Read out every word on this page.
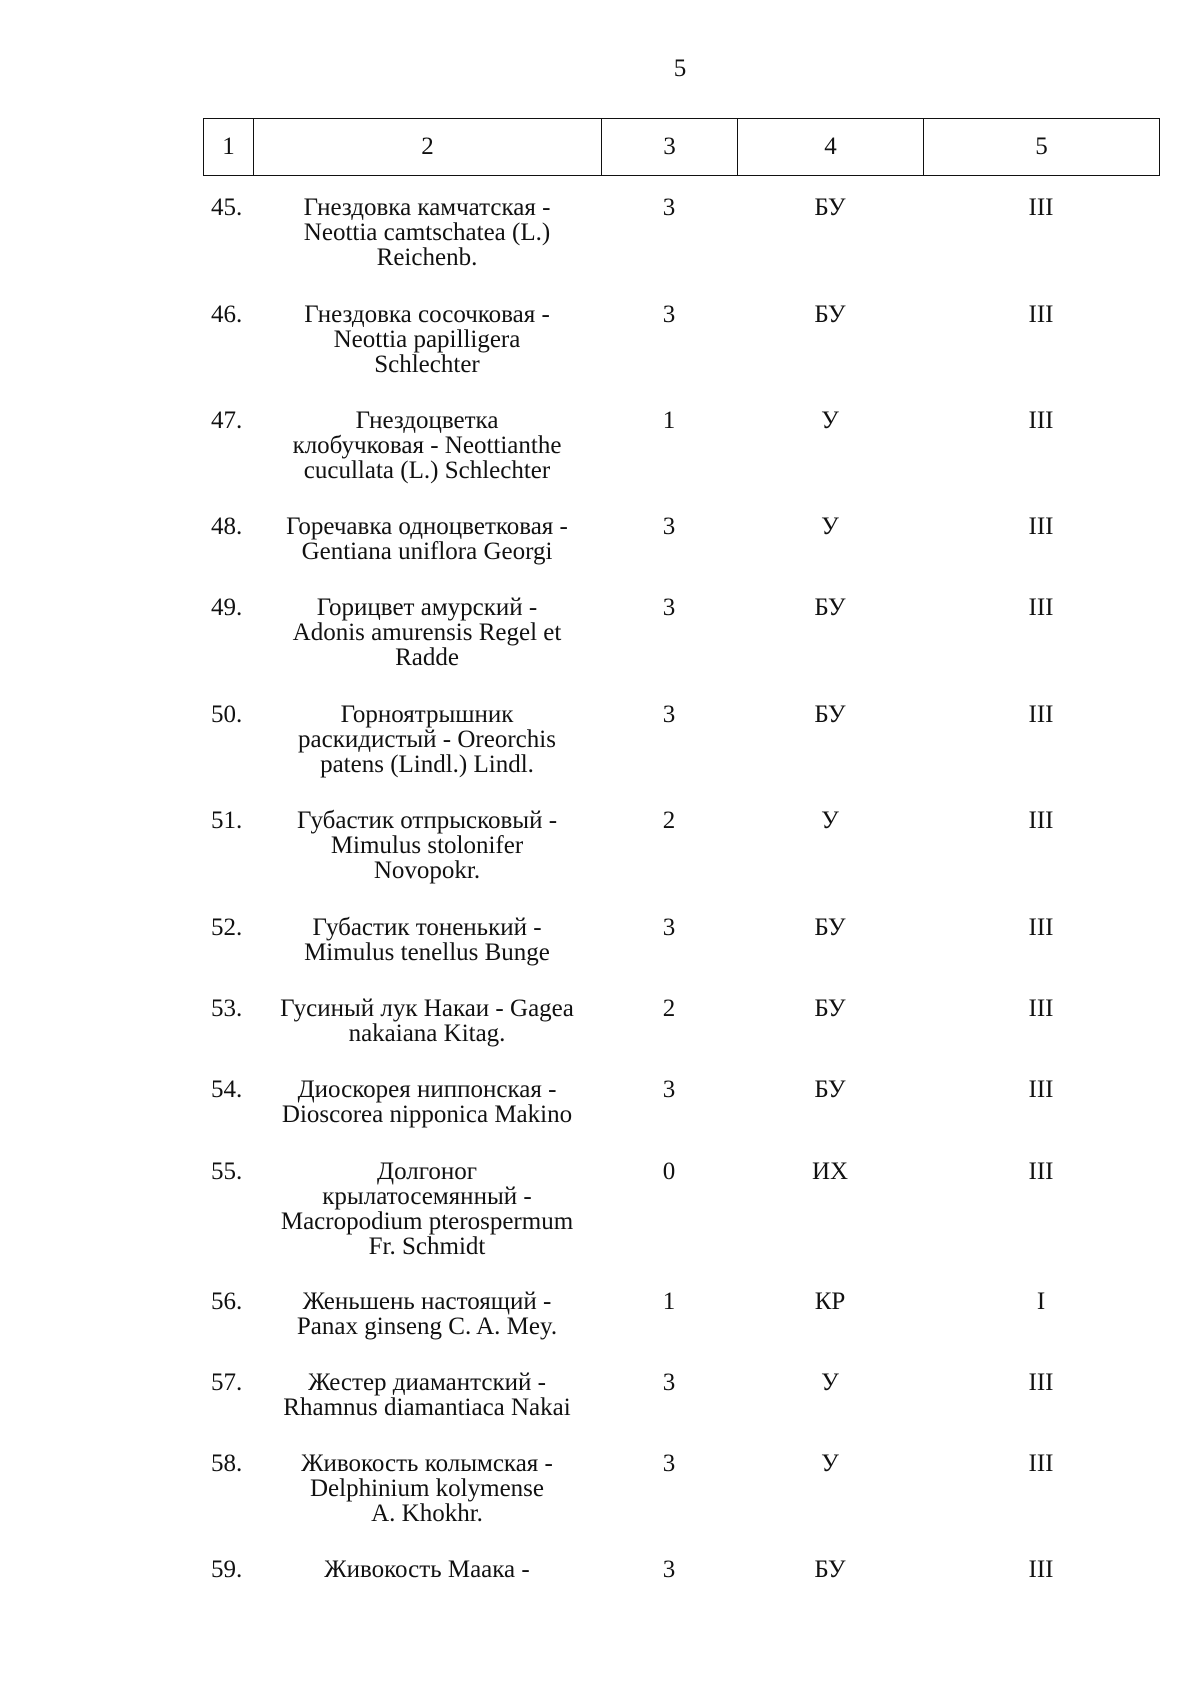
5
1	2	3	4	5
45.	Гнездовка камчатская -
Neottia camtschatea (L.)
Reichenb.
3	БУ	III
46.	Гнездовка сосочковая -
Neottia papilligera
Schlechter
3	БУ	III
47.	Гнездоцветка
клобучковая - Neottianthe
cucullata (L.) Schlechter
1	У	III
48.	Горечавка одноцветковая -
Gentiana uniflora Georgi
3	У	III
49.	Горицвет амурский -
Adonis amurensis Regel et
Radde
3	БУ	III
50.	Горноятрышник
раскидистый - Oreorchis
patens (Lindl.) Lindl.
3	БУ	III
51.	Губастик отпрысковый -
Mimulus stolonifer
Novopokr.
2	У	III
52.	Губастик тоненький -
Mimulus tenellus Bunge
3	БУ	III
53.	Гусиный лук Накаи - Gagea
nakaiana Kitag.
2	БУ	III
54.	Диоскорея ниппонская -
Dioscorea nipponica Makino
3	БУ	III
55.	Долгоног
крылатосемянный -
Macropodium pterospermum
Fr. Schmidt
0	ИХ	III
56.	Женьшень настоящий -
Panax ginseng C. A. Mey.
1	КР	I
57.	Жестер диамантский -
Rhamnus diamantiaca Nakai
3	У	III
58.	Живокость колымская -
Delphinium kolymense
A. Khokhr.
3	У	III
59.	Живокость Маака -	3	БУ	III
